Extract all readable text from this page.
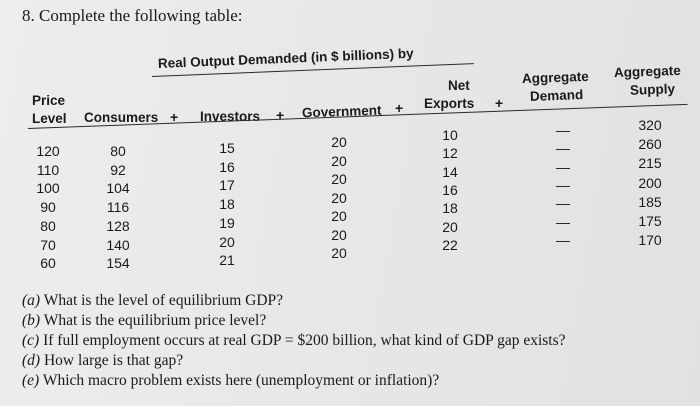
8. Complete the following table:
Real Output Demanded (in $ billions) by
Price
Level Consumers + Investors + Government +
Net
Exports +
Aggregate
Demand
Aggregate
Supply
120
110
100
90
80
70
60
80
92
104
116
128
140
154
15
16
17
18
19
20
21
20
20
20
20
20
20
20
10
12
14
16
18
20
22
—
—
—
—
—
—
—
320
260
215
200
185
175
170
(a) What is the level of equilibrium GDP?
(b) What is the equilibrium price level?
(c) If full employment occurs at real GDP = $200 billion, what kind of GDP gap exists?
(d) How large is that gap?
(e) Which macro problem exists here (unemployment or inflation)?
